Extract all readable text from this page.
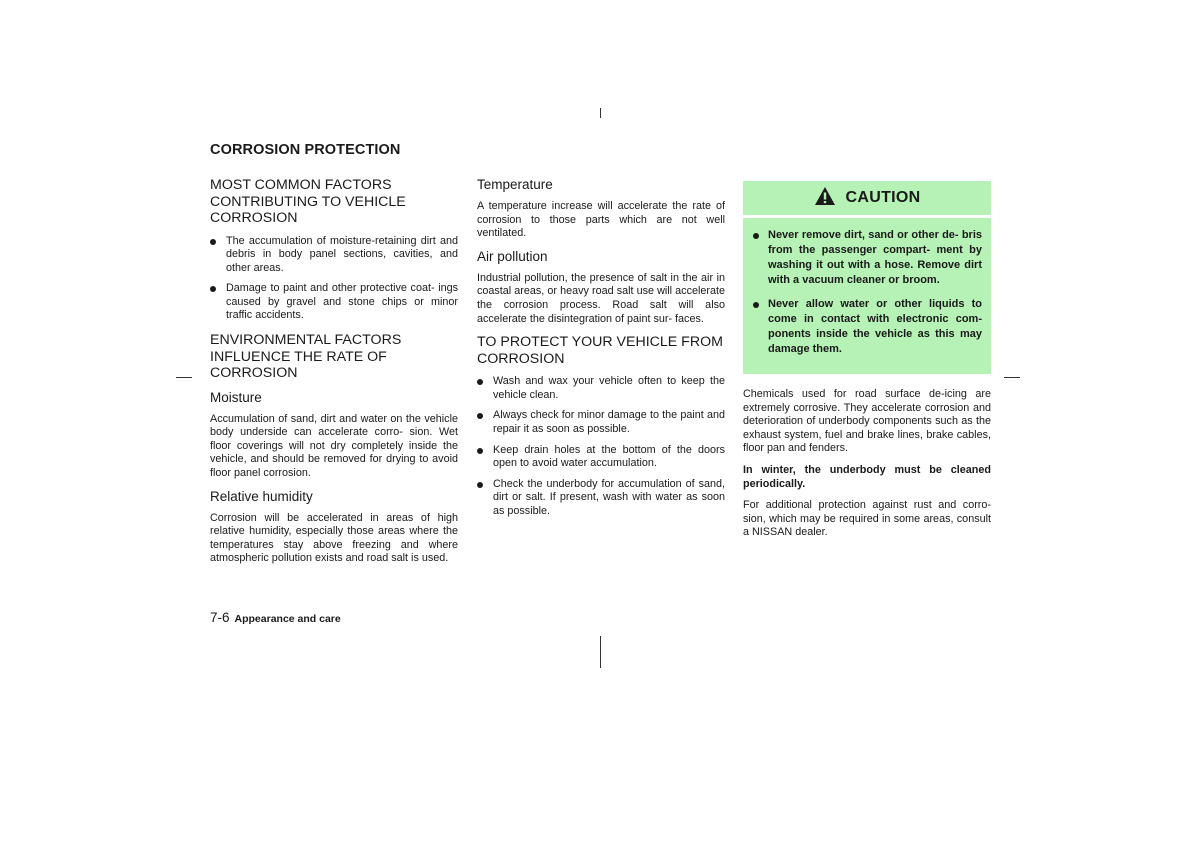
CORROSION PROTECTION
MOST COMMON FACTORS CONTRIBUTING TO VEHICLE CORROSION
The accumulation of moisture-retaining dirt and debris in body panel sections, cavities, and other areas.
Damage to paint and other protective coat- ings caused by gravel and stone chips or minor traffic accidents.
ENVIRONMENTAL FACTORS INFLUENCE THE RATE OF CORROSION
Moisture

Accumulation of sand, dirt and water on the vehicle body underside can accelerate corro- sion. Wet floor coverings will not dry completely inside the vehicle, and should be removed for drying to avoid floor panel corrosion.

Relative humidity

Corrosion will be accelerated in areas of high relative humidity, especially those areas where the temperatures stay above freezing and where atmospheric pollution exists and road salt is used.

Temperature

A temperature increase will accelerate the rate of corrosion to those parts which are not well ventilated.

Air pollution

Industrial pollution, the presence of salt in the air in coastal areas, or heavy road salt use will accelerate the corrosion process. Road salt will also accelerate the disintegration of paint sur- faces.

TO PROTECT YOUR VEHICLE FROM CORROSION
Wash and wax your vehicle often to keep the vehicle clean.
Always check for minor damage to the paint and repair it as soon as possible.
Keep drain holes at the bottom of the doors open to avoid water accumulation.
Check the underbody for accumulation of sand, dirt or salt. If present, wash with water as soon as possible.
CAUTION
Never remove dirt, sand or other de- bris from the passenger compart- ment by washing it out with a hose. Remove dirt with a vacuum cleaner or broom.
Never allow water or other liquids to come in contact with electronic com- ponents inside the vehicle as this may damage them.

Chemicals used for road surface de-icing are extremely corrosive. They accelerate corrosion and deterioration of underbody components such as the exhaust system, fuel and brake lines, brake cables, floor pan and fenders.

In winter, the underbody must be cleaned periodically.

For additional protection against rust and corro- sion, which may be required in some areas, consult a NISSAN dealer.

7-6 Appearance and care
